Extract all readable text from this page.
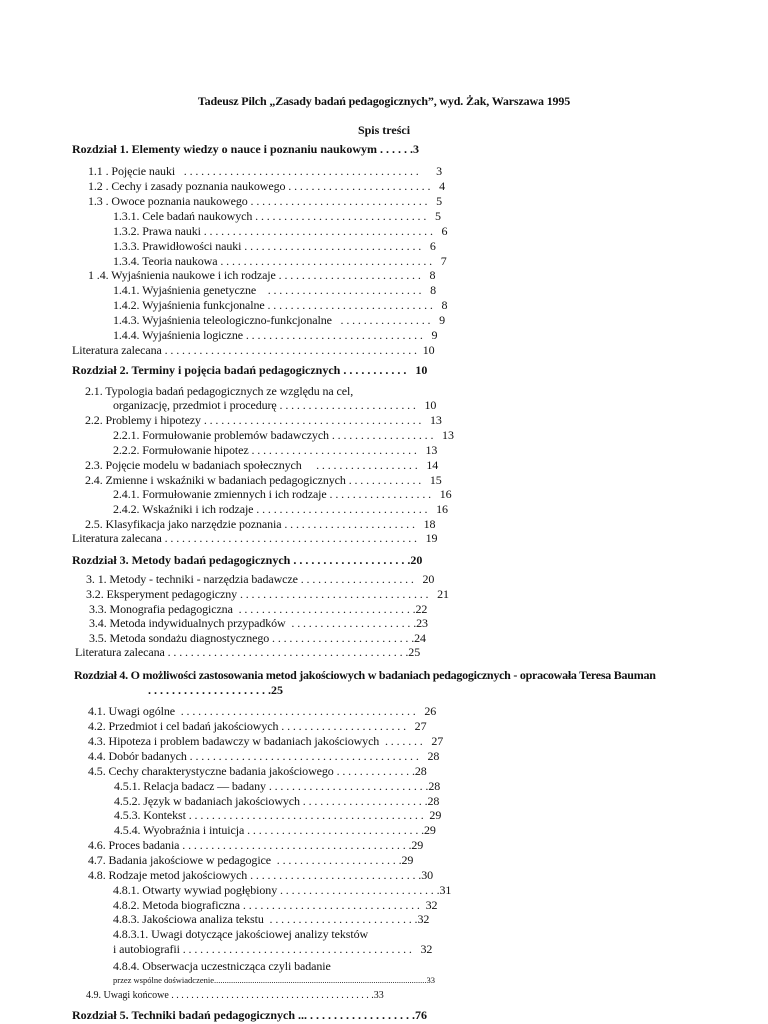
Tadeusz Pilch „Zasady badań pedagogicznych”, wyd. Żak, Warszawa 1995
Spis treści
Rozdział 1. Elementy wiedzy o nauce i poznaniu naukowym . . . . . .3
1.1 . Pojęcie nauki   . . . . . . . . . . . . . . . . . . . . . . . . . . . . . . . . . . . . . . . . .      3
1.2 . Cechy i zasady poznania naukowego . . . . . . . . . . . . . . . . . . . . . . . . .   4
1.3 . Owoce poznania naukowego . . . . . . . . . . . . . . . . . . . . . . . . . . . . . . .   5
1.3.1. Cele badań naukowych . . . . . . . . . . . . . . . . . . . . . . . . . . . . . .   5
1.3.2. Prawa nauki . . . . . . . . . . . . . . . . . . . . . . . . . . . . . . . . . . . . . . . .   6
1.3.3. Prawidłowości nauki . . . . . . . . . . . . . . . . . . . . . . . . . . . . . . .   6
1.3.4. Teoria naukowa . . . . . . . . . . . . . . . . . . . . . . . . . . . . . . . . . . . . .   7
1 .4. Wyjaśnienia naukowe i ich rodzaje . . . . . . . . . . . . . . . . . . . . . . . . .   8
1.4.1. Wyjaśnienia genetyczne    . . . . . . . . . . . . . . . . . . . . . . . . . . .   8
1.4.2. Wyjaśnienia funkcjonalne . . . . . . . . . . . . . . . . . . . . . . . . . . . . .   8
1.4.3. Wyjaśnienia teleologiczno-funkcjonalne   . . . . . . . . . . . . . . . .   9
1.4.4. Wyjaśnienia logiczne . . . . . . . . . . . . . . . . . . . . . . . . . . . . . . .   9
Literatura zalecana . . . . . . . . . . . . . . . . . . . . . . . . . . . . . . . . . . . . . . . . . . . .  10
Rozdział 2. Terminy i pojęcia badań pedagogicznych . . . . . . . . . . .   10
2.1. Typologia badań pedagogicznych ze względu na cel,
organizację, przedmiot i procedurę . . . . . . . . . . . . . . . . . . . . . . . .   10
2.2. Problemy i hipotezy . . . . . . . . . . . . . . . . . . . . . . . . . . . . . . . . . . . . . .   13
2.2.1. Formułowanie problemów badawczych . . . . . . . . . . . . . . . . . .   13
2.2.2. Formułowanie hipotez . . . . . . . . . . . . . . . . . . . . . . . . . . . . .   13
2.3. Pojęcie modelu w badaniach społecznych     . . . . . . . . . . . . . . . . . .   14
2.4. Zmienne i wskaźniki w badaniach pedagogicznych . . . . . . . . . . . . .   15
2.4.1. Formułowanie zmiennych i ich rodzaje . . . . . . . . . . . . . . . . . .   16
2.4.2. Wskaźniki i ich rodzaje . . . . . . . . . . . . . . . . . . . . . . . . . . . . . .   16
2.5. Klasyfikacja jako narzędzie poznania . . . . . . . . . . . . . . . . . . . . . . .   18
Literatura zalecana . . . . . . . . . . . . . . . . . . . . . . . . . . . . . . . . . . . . . . . . . . . .   19
Rozdział 3. Metody badań pedagogicznych . . . . . . . . . . . . . . . . . . . .20
3. 1. Metody - techniki - narzędzia badawcze . . . . . . . . . . . . . . . . . . . .   20
3.2. Eksperyment pedagogiczny . . . . . . . . . . . . . . . . . . . . . . . . . . . . . . . . .   21
3.3. Monografia pedagogiczna  . . . . . . . . . . . . . . . . . . . . . . . . . . . . . . .22
3.4. Metoda indywidualnych przypadków  . . . . . . . . . . . . . . . . . . . . . .23
3.5. Metoda sondażu diagnostycznego . . . . . . . . . . . . . . . . . . . . . . . . .24
Literatura zalecana . . . . . . . . . . . . . . . . . . . . . . . . . . . . . . . . . . . . . . . . . .25
Rozdział 4. O możliwości zastosowania metod jakościowych w badaniach pedagogicznych - opracowała Teresa Bauman
. . . . . . . . . . . . . . . . . . . . .25
4.1. Uwagi ogólne  . . . . . . . . . . . . . . . . . . . . . . . . . . . . . . . . . . . . . . . . .   26
4.2. Przedmiot i cel badań jakościowych . . . . . . . . . . . . . . . . . . . . . .   27
4.3. Hipoteza i problem badawczy w badaniach jakościowych  . . . . . . .   27
4.4. Dobór badanych . . . . . . . . . . . . . . . . . . . . . . . . . . . . . . . . . . . . . . . .   28
4.5. Cechy charakterystyczne badania jakościowego . . . . . . . . . . . . . .28
4.5.1. Relacja badacz — badany . . . . . . . . . . . . . . . . . . . . . . . . . . . .28
4.5.2. Język w badaniach jakościowych . . . . . . . . . . . . . . . . . . . . . .28
4.5.3. Kontekst . . . . . . . . . . . . . . . . . . . . . . . . . . . . . . . . . . . . . . . . .  29
4.5.4. Wyobraźnia i intuicja . . . . . . . . . . . . . . . . . . . . . . . . . . . . . . .29
4.6. Proces badania . . . . . . . . . . . . . . . . . . . . . . . . . . . . . . . . . . . . . . . .29
4.7. Badania jakościowe w pedagogice  . . . . . . . . . . . . . . . . . . . . . .29
4.8. Rodzaje metod jakościowych . . . . . . . . . . . . . . . . . . . . . . . . . . . . . .30
4.8.1. Otwarty wywiad pogłębiony . . . . . . . . . . . . . . . . . . . . . . . . . . . .31
4.8.2. Metoda biograficzna . . . . . . . . . . . . . . . . . . . . . . . . . . . . . . .  32
4.8.3. Jakościowa analiza tekstu  . . . . . . . . . . . . . . . . . . . . . . . . . .32
4.8.3.1. Uwagi dotyczące jakościowej analizy tekstów
i autobiografii . . . . . . . . . . . . . . . . . . . . . . . . . . . . . . . . . . . . . . . .   32
4.8.4. Obserwacja uczestnicząca czyli badanie
przez wspólne doświadczenie....................................................................................................33
4.9. Uwagi końcowe . . . . . . . . . . . . . . . . . . . . . . . . . . . . . . . . . . . . . . . . .33
Rozdział 5. Techniki badań pedagogicznych ... . . . . . . . . . . . . . . . . . .76
